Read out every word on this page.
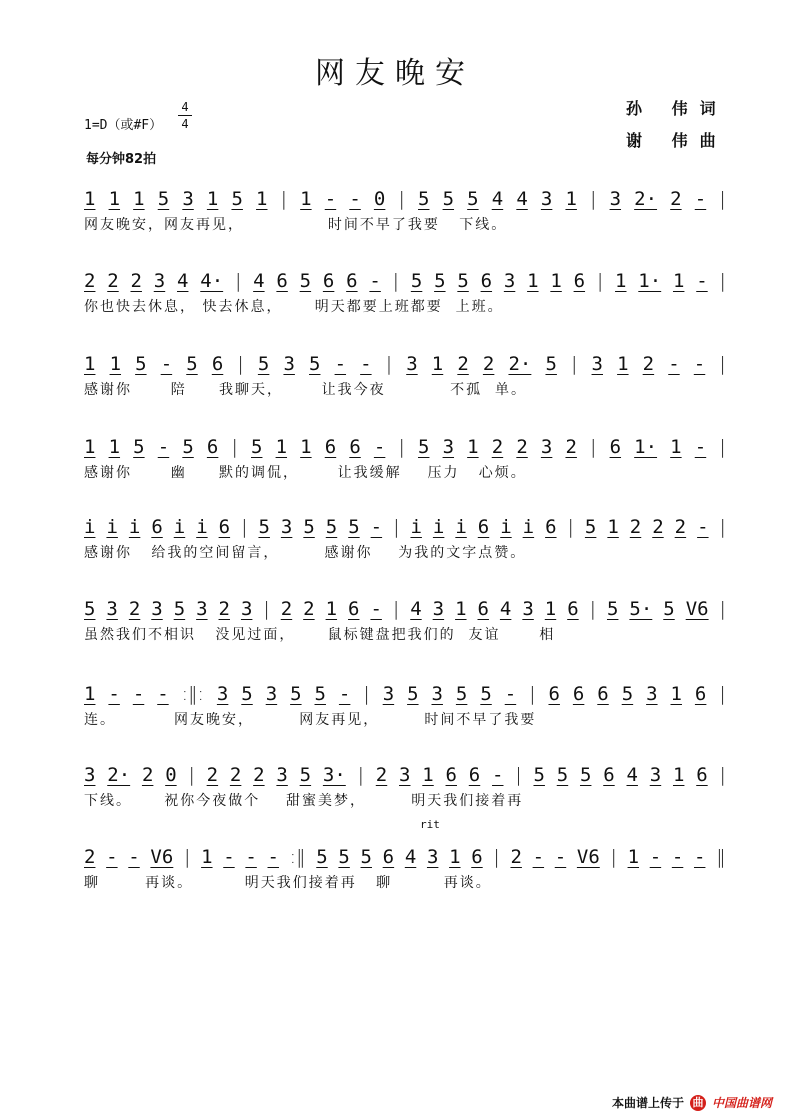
网友晚安
1=D（或#F）
4
4
每分钟82拍
孙 伟词
谢 伟曲
1 1 1 5 3 1 5 1 | 1 - - 0 | 5 5 5 4 4 3 1 | 3 2· 2 - |
网友晚安，网友再见，             时间不早了我要   下线。
2 2 2 3 4 4· | 4 6 5 6 6 - | 5 5 5 6 3 1 1 6 | 1 1· 1 - |
你也快去休息， 快去休息，     明天都要上班都要  上班。
1 1 5 - 5 6 | 5 3 5 - - | 3 1 2 2 2· 5 | 3 1 2 - - |
感谢你      陪     我聊天，      让我今夜          不孤  单。
1 1 5 - 5 6 | 5 1 1 6 6 - | 5 3 1 2 2 3 2 | 6 1· 1 - |
感谢你      幽     默的调侃，      让我缓解    压力   心烦。
i i i 6 i i 6 | 5 3 5 5 5 - | i i i 6 i i 6 | 5 1 2 2 2 - |
感谢你   给我的空间留言，       感谢你    为我的文字点赞。
5 3 2 3 5 3 2 3 | 2 2 1 6 - | 4 3 1 6 4 3 1 6 | 5 5· 5 V6 |
虽然我们不相识   没见过面，     鼠标键盘把我们的  友谊      相
1 - - - :‖: 3 5 3 5 5 - | 3 5 3 5 5 - | 6 6 6 5 3 1 6 |
连。         网友晚安，       网友再见，       时间不早了我要
3 2· 2 0 | 2 2 2 3 5 3· | 2 3 1 6 6 - | 5 5 5 6 4 3 1 6 |
下线。     祝你今夜做个    甜蜜美梦，       明天我们接着再
2 - - V6 | 1 - - - :‖ 5 5 5 6 4 3 1 6 | 2 - - V6 | 1 - - - ‖
聊       再谈。        明天我们接着再   聊        再谈。
rit
本曲谱上传于 曲 中国曲谱网
